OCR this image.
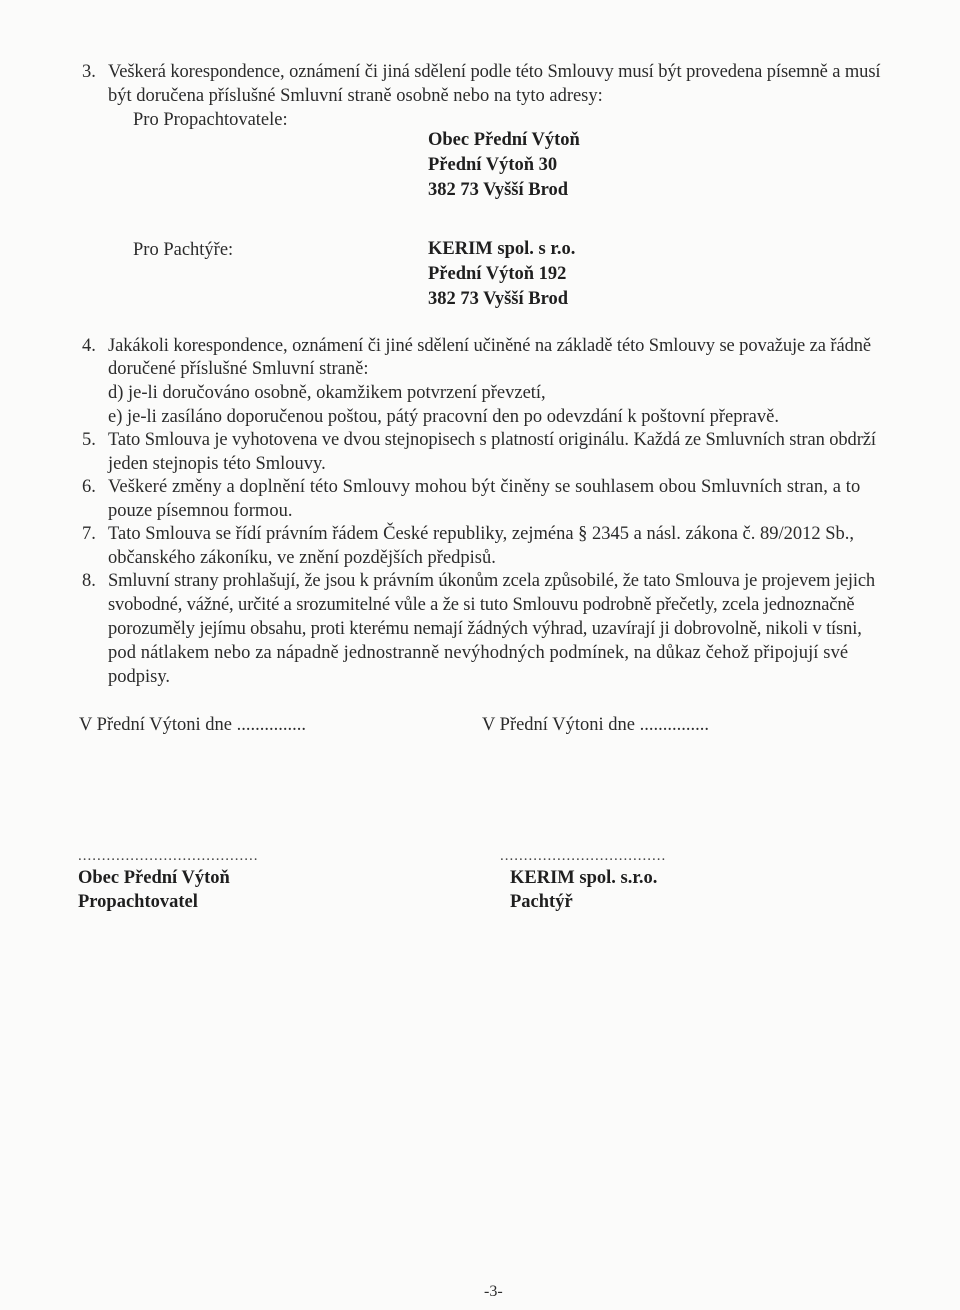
3. Veškerá korespondence, oznámení či jiná sdělení podle této Smlouvy musí být provedena písemně a musí
být doručena příslušné Smluvní straně osobně nebo na tyto adresy:
Pro Propachtovatele:
Obec Přední Výtoň
Přední Výtoň 30
382 73 Vyšší Brod
Pro Pachtýře:	KERIM spol. s r.o.
Přední Výtoň 192
382 73 Vyšší Brod
4. Jakákoli korespondence, oznámení či jiné sdělení učiněné na základě této Smlouvy se považuje za řádně
doručené příslušné Smluvní straně:
d) je-li doručováno osobně, okamžikem potvrzení převzetí,
e) je-li zasíláno doporučenou poštou, pátý pracovní den po odevzdání k poštovní přepravě.
5. Tato Smlouva je vyhotovena ve dvou stejnopisech s platností originálu. Každá ze Smluvních stran obdrží
jeden stejnopis této Smlouvy.
6. Veškeré změny a doplnění této Smlouvy mohou být činěny se souhlasem obou Smluvních stran, a to
pouze písemnou formou.
7. Tato Smlouva se řídí právním řádem České republiky, zejména § 2345 a násl. zákona č. 89/2012 Sb.,
občanského zákoníku, ve znění pozdějších předpisů.
8. Smluvní strany prohlašují, že jsou k právním úkonům zcela způsobilé, že tato Smlouva je projevem jejich
svobodné, vážné, určité a srozumitelné vůle a že si tuto Smlouvu podrobně přečetly, zcela jednoznačně
porozuměly jejímu obsahu, proti kterému nemají žádných výhrad, uzavírají ji dobrovolně, nikoli v tísni,
pod nátlakem nebo za nápadně jednostranně nevýhodných podmínek, na důkaz čehož připojují své
podpisy.
V Přední Výtoni dne ...............	V Přední Výtoni dne ...............
......................................
Obec Přední Výtoň
Propachtovatel
...................................
KERIM spol. s.r.o.
Pachtýř
-3-
